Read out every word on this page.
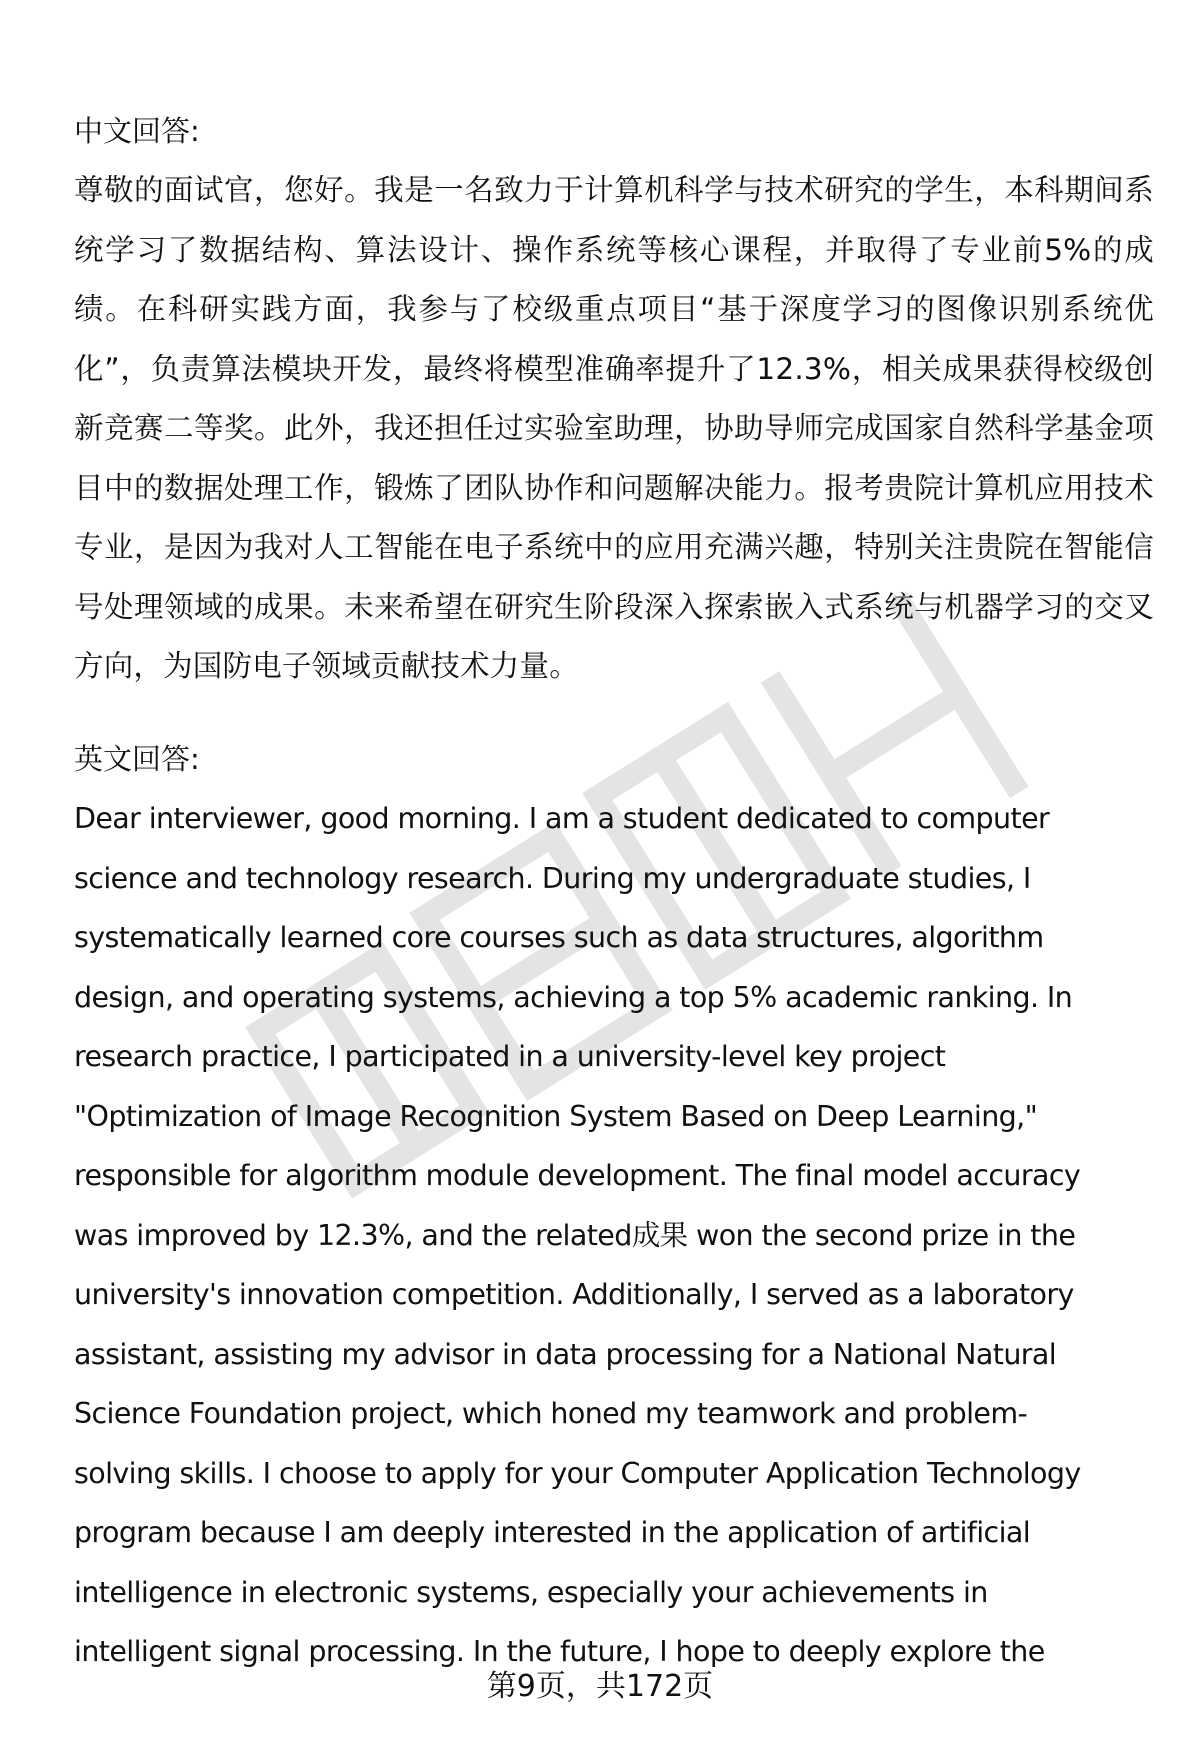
中文回答:
尊敬的面试官，您好。我是一名致力于计算机科学与技术研究的学生，本科期间系统学习了数据结构、算法设计、操作系统等核心课程，并取得了专业前5%的成绩。在科研实践方面，我参与了校级重点项目“基于深度学习的图像识别系统优化”，负责算法模块开发，最终将模型准确率提升了12.3%，相关成果获得校级创新竞赛二等奖。此外，我还担任过实验室助理，协助导师完成国家自然科学基金项目中的数据处理工作，锻炼了团队协作和问题解决能力。报考贵院计算机应用技术专业，是因为我对人工智能在电子系统中的应用充满兴趣，特别关注贵院在智能信号处理领域的成果。未来希望在研究生阶段深入探索嵌入式系统与机器学习的交叉方向，为国防电子领域贡献技术力量。
英文回答:
Dear interviewer, good morning. I am a student dedicated to computer
science and technology research. During my undergraduate studies, I
systematically learned core courses such as data structures, algorithm
design, and operating systems, achieving a top 5% academic ranking. In
research practice, I participated in a university-level key project
"Optimization of Image Recognition System Based on Deep Learning,"
responsible for algorithm module development. The final model accuracy
was improved by 12.3%, and the related成果 won the second prize in the
university's innovation competition. Additionally, I served as a laboratory
assistant, assisting my advisor in data processing for a National Natural
Science Foundation project, which honed my teamwork and problem-
solving skills. I choose to apply for your Computer Application Technology
program because I am deeply interested in the application of artificial
intelligence in electronic systems, especially your achievements in
intelligent signal processing. In the future, I hope to deeply explore the
第9页，共172页
